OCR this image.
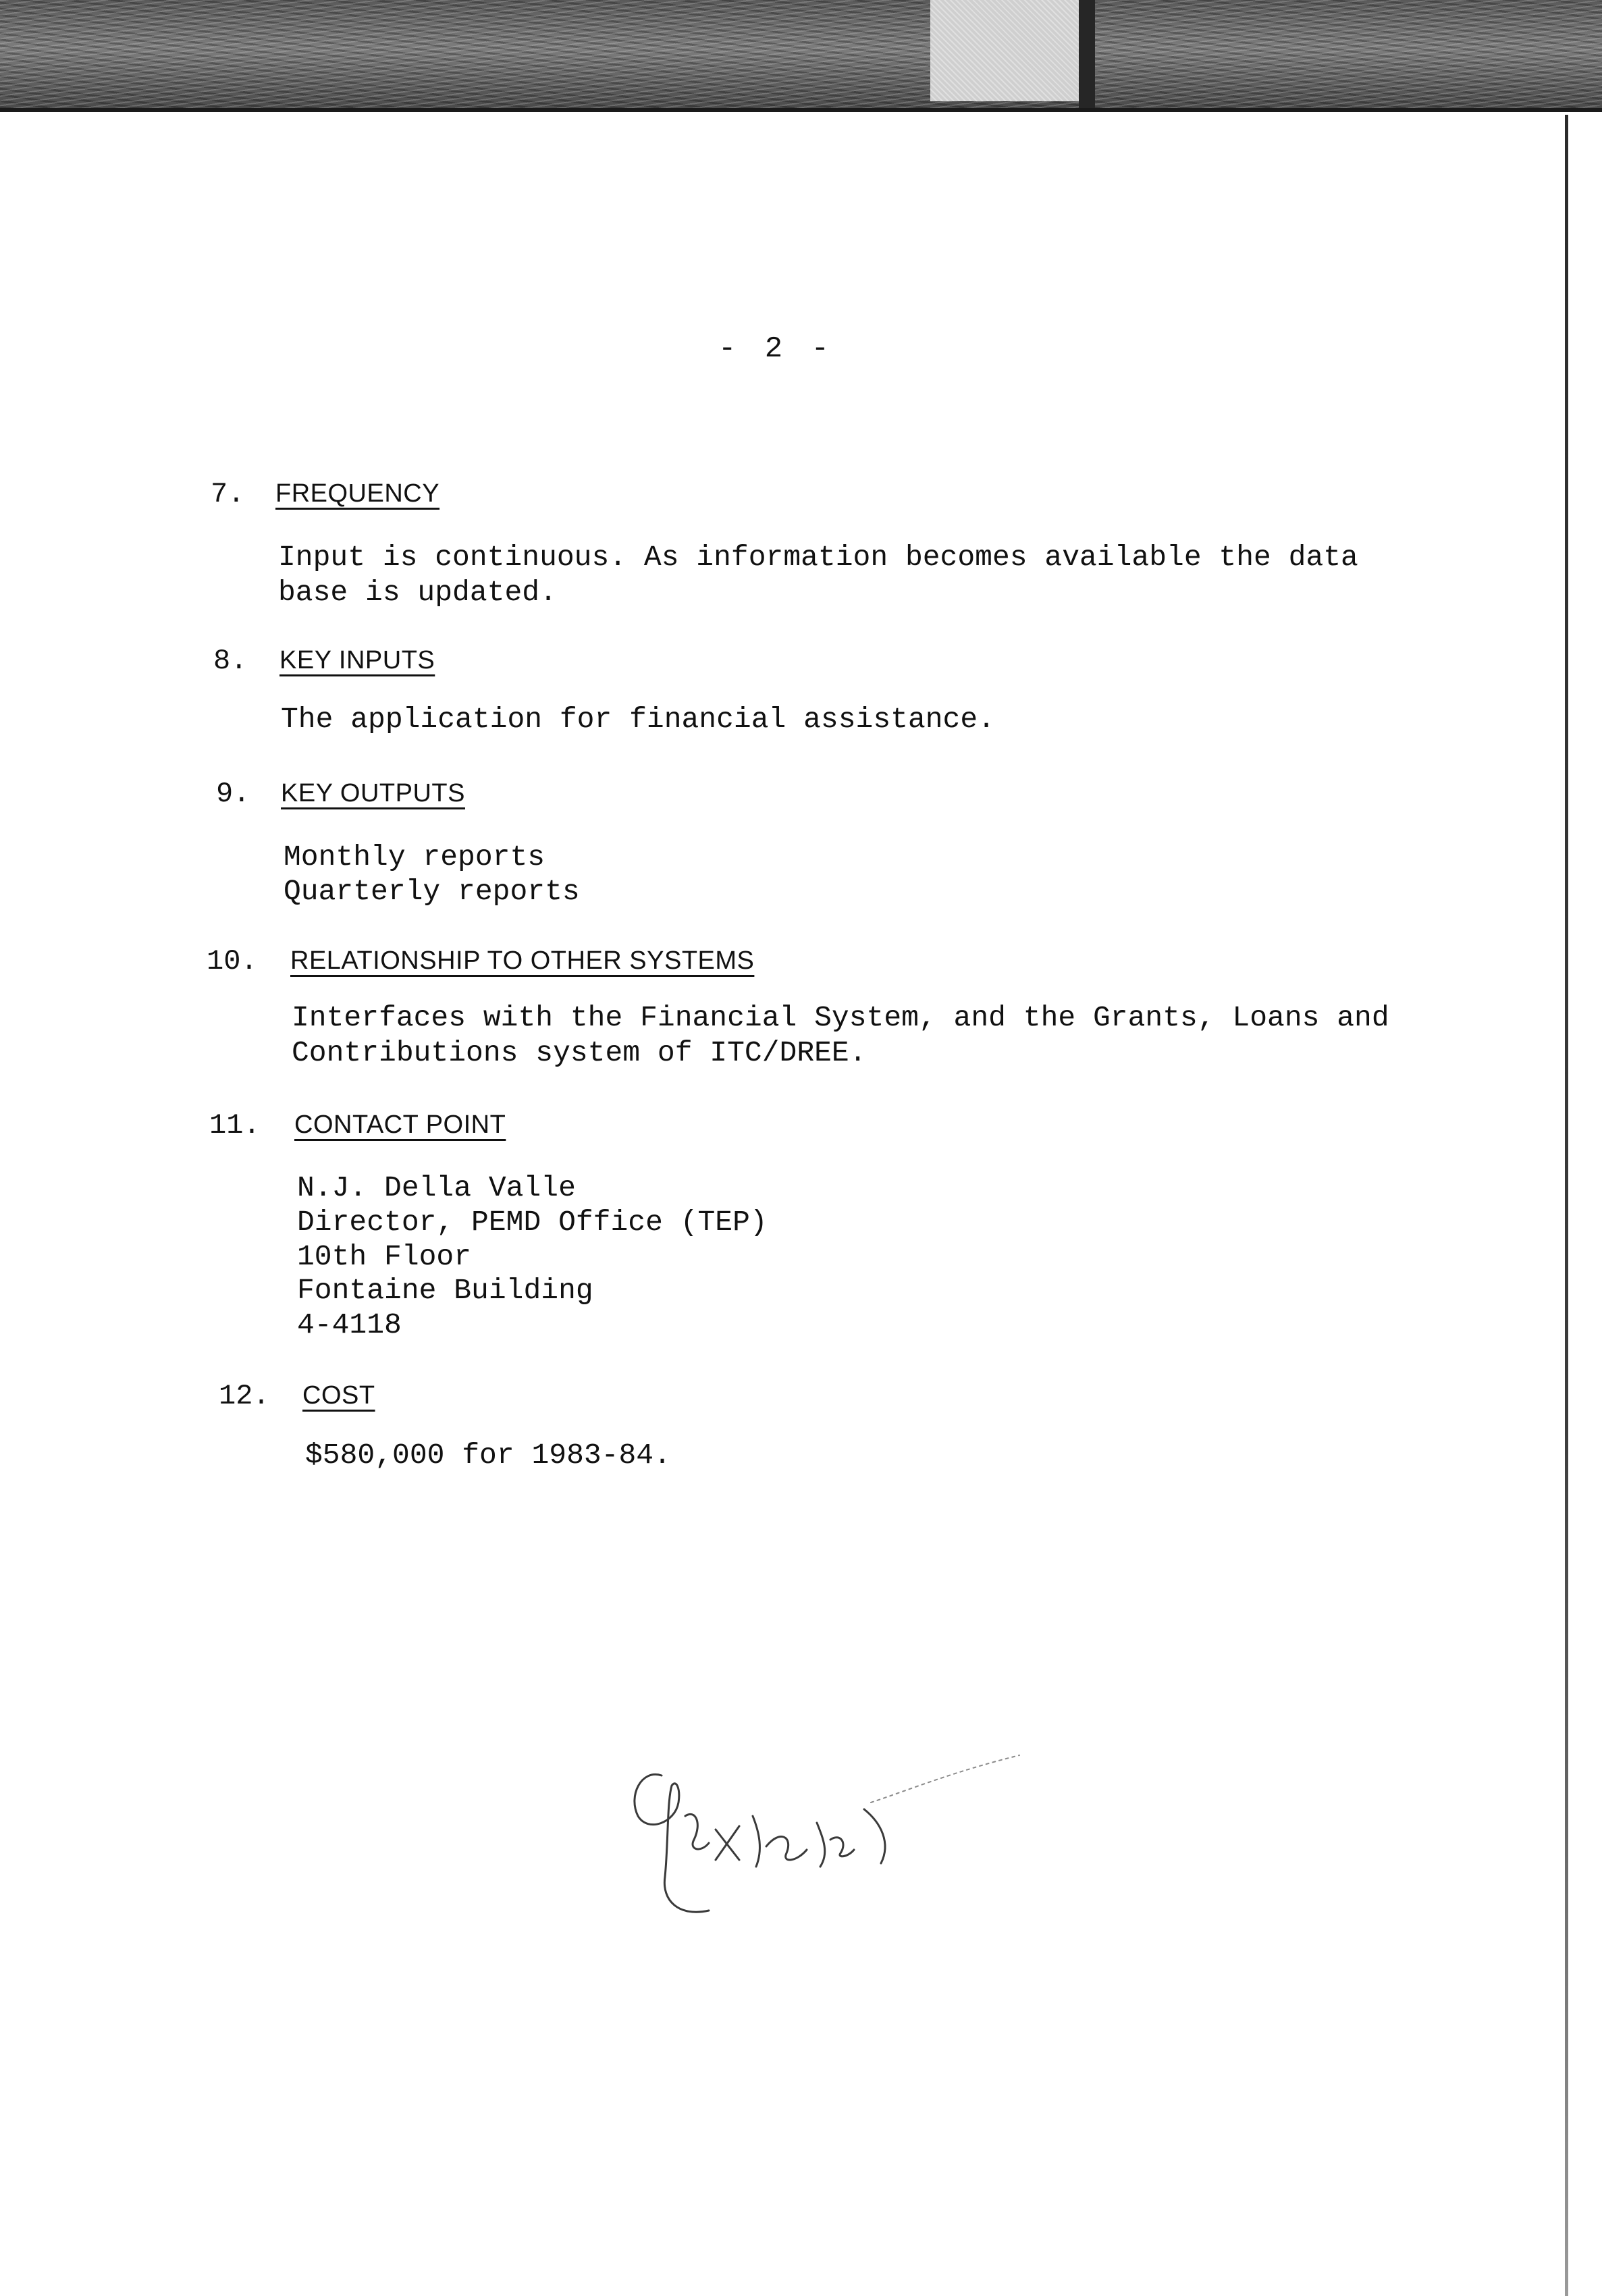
- 2 -
7.	FREQUENCY
Input is continuous. As information becomes available the data
base is updated.
8.	KEY INPUTS
The application for financial assistance.
9.	KEY OUTPUTS
Monthly reports
Quarterly reports
10.	RELATIONSHIP TO OTHER SYSTEMS
Interfaces with the Financial System, and the Grants, Loans and
Contributions system of ITC/DREE.
11.	CONTACT POINT
N.J. Della Valle
Director, PEMD Office (TEP)
10th Floor
Fontaine Building
4-4118
12.	COST
$580,000 for 1983-84.
